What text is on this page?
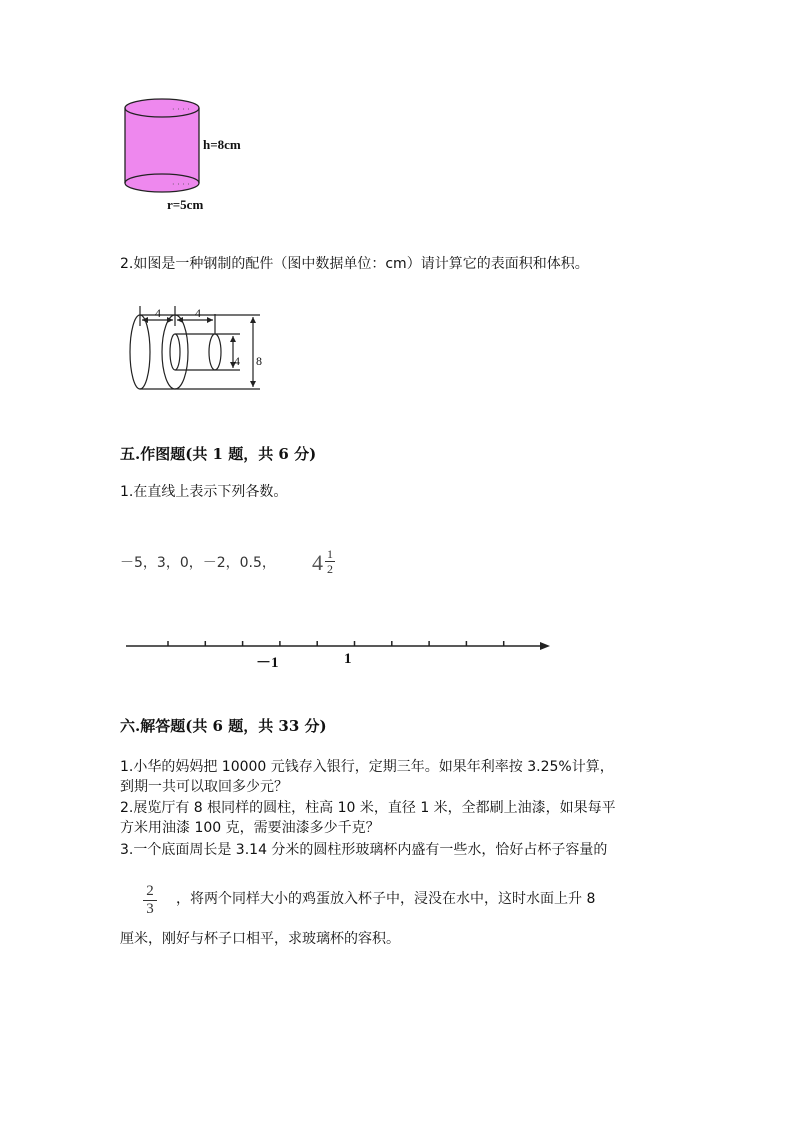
· · · ·
· · · ·
h=8cm
r=5cm
2.如图是一种钢制的配件（图中数据单位：cm）请计算它的表面积和体积。
4	4
4 8
五.作图题(共 1 题，共 6 分)
1.在直线上表示下列各数。
－5，3，0，－2，0.5， 4 1
2
－1	1
六.解答题(共 6 题，共 33 分)
1.小华的妈妈把 10000 元钱存入银行，定期三年。如果年利率按 3.25%计算，
到期一共可以取回多少元？
2.展览厅有 8 根同样的圆柱，柱高 10 米，直径 1 米，全都刷上油漆，如果每平
方米用油漆 100 克，需要油漆多少千克？
3.一个底面周长是 3.14 分米的圆柱形玻璃杯内盛有一些水，恰好占杯子容量的
2
3
，将两个同样大小的鸡蛋放入杯子中，浸没在水中，这时水面上升 8
厘米，刚好与杯子口相平，求玻璃杯的容积。
